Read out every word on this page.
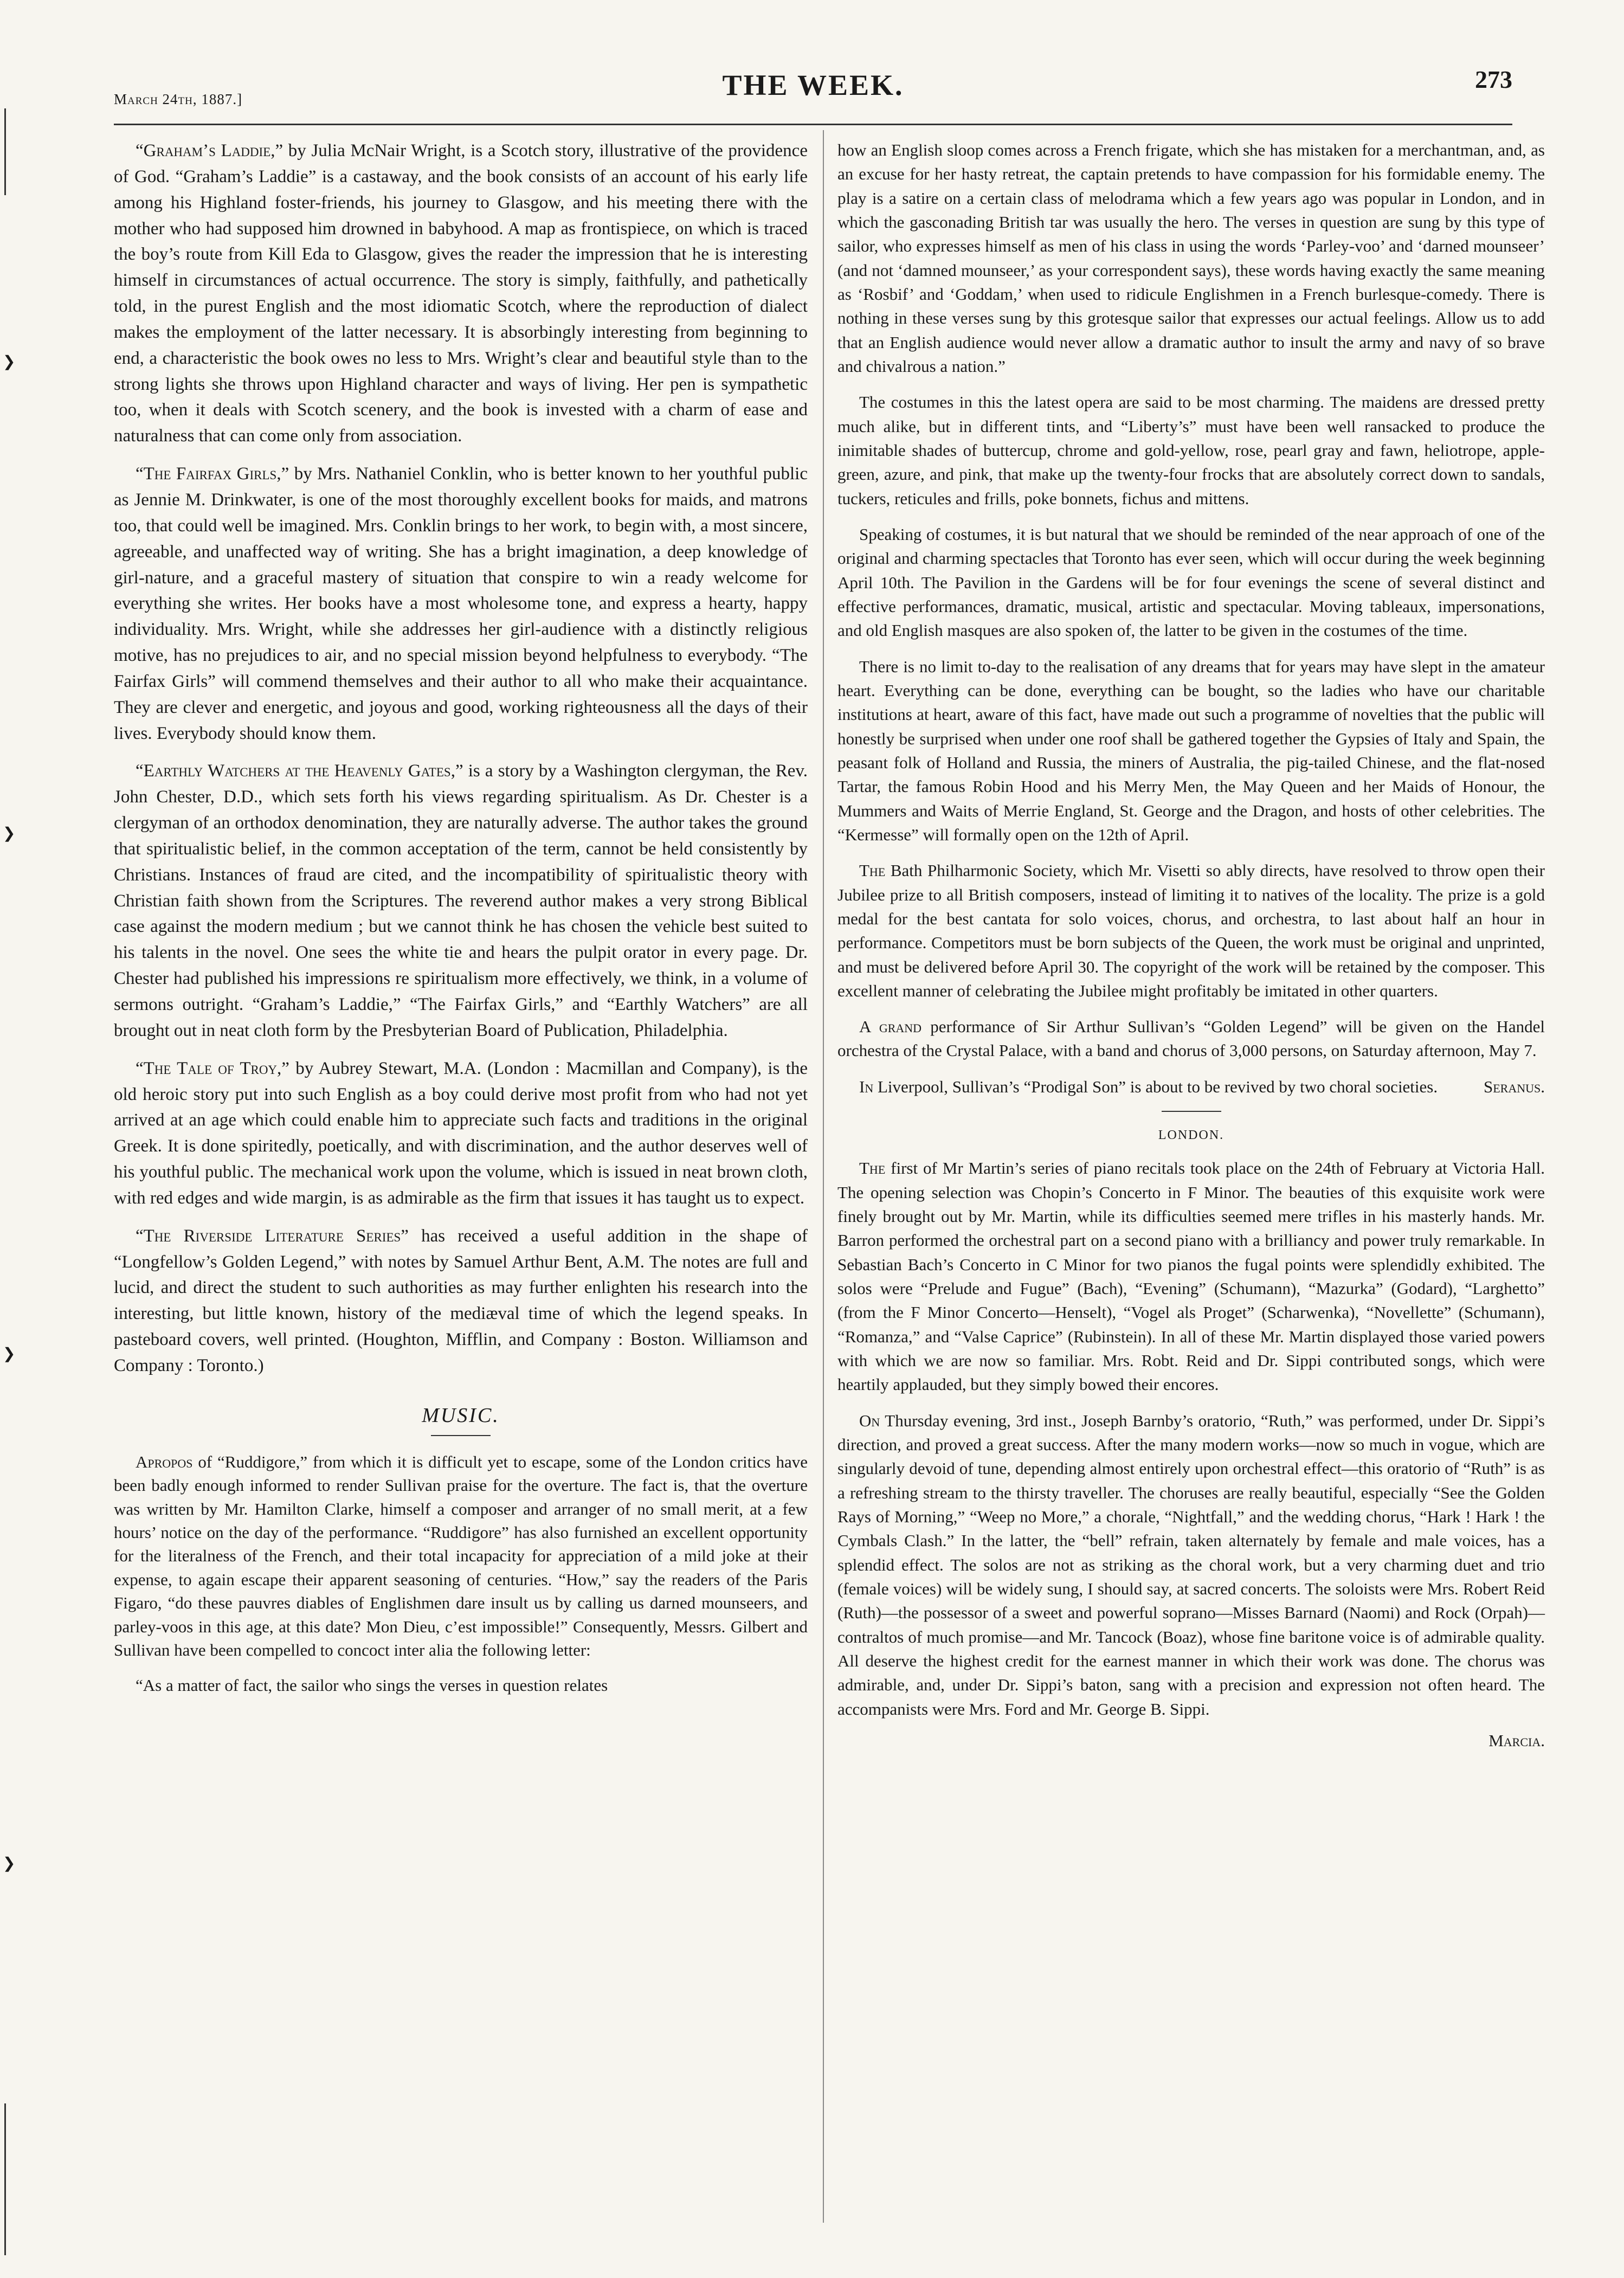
❯
❯
❯
❯
March 24th, 1887.]	THE WEEK.	273

“Graham’s Laddie,” by Julia McNair Wright, is a Scotch story, illustrative of the providence of God. “Graham’s Laddie” is a castaway, and the book consists of an account of his early life among his Highland foster-friends, his journey to Glasgow, and his meeting there with the mother who had supposed him drowned in babyhood. A map as frontispiece, on which is traced the boy’s route from Kill Eda to Glasgow, gives the reader the impression that he is interesting himself in circumstances of actual occurrence. The story is simply, faithfully, and pathetically told, in the purest English and the most idiomatic Scotch, where the reproduction of dialect makes the employment of the latter necessary. It is absorbingly interesting from beginning to end, a characteristic the book owes no less to Mrs. Wright’s clear and beautiful style than to the strong lights she throws upon Highland character and ways of living. Her pen is sympathetic too, when it deals with Scotch scenery, and the book is invested with a charm of ease and naturalness that can come only from association.

“The Fairfax Girls,” by Mrs. Nathaniel Conklin, who is better known to her youthful public as Jennie M. Drinkwater, is one of the most thoroughly excellent books for maids, and matrons too, that could well be imagined. Mrs. Conklin brings to her work, to begin with, a most sincere, agreeable, and unaffected way of writing. She has a bright imagination, a deep knowledge of girl-nature, and a graceful mastery of situation that conspire to win a ready welcome for everything she writes. Her books have a most wholesome tone, and express a hearty, happy individuality. Mrs. Wright, while she addresses her girl-audience with a distinctly religious motive, has no prejudices to air, and no special mission beyond helpfulness to everybody. “The Fairfax Girls” will commend themselves and their author to all who make their acquaintance. They are clever and energetic, and joyous and good, working righteousness all the days of their lives. Everybody should know them.

“Earthly Watchers at the Heavenly Gates,” is a story by a Washington clergyman, the Rev. John Chester, D.D., which sets forth his views regarding spiritualism. As Dr. Chester is a clergyman of an orthodox denomination, they are naturally adverse. The author takes the ground that spiritualistic belief, in the common acceptation of the term, cannot be held consistently by Christians. Instances of fraud are cited, and the incompatibility of spiritualistic theory with Christian faith shown from the Scriptures. The reverend author makes a very strong Biblical case against the modern medium ; but we cannot think he has chosen the vehicle best suited to his talents in the novel. One sees the white tie and hears the pulpit orator in every page. Dr. Chester had published his impressions re spiritualism more effectively, we think, in a volume of sermons outright. “Graham’s Laddie,” “The Fairfax Girls,” and “Earthly Watchers” are all brought out in neat cloth form by the Presbyterian Board of Publication, Philadelphia.

“The Tale of Troy,” by Aubrey Stewart, M.A. (London : Macmillan and Company), is the old heroic story put into such English as a boy could derive most profit from who had not yet arrived at an age which could enable him to appreciate such facts and traditions in the original Greek. It is done spiritedly, poetically, and with discrimination, and the author deserves well of his youthful public. The mechanical work upon the volume, which is issued in neat brown cloth, with red edges and wide margin, is as admirable as the firm that issues it has taught us to expect.

“The Riverside Literature Series” has received a useful addition in the shape of “Longfellow’s Golden Legend,” with notes by Samuel Arthur Bent, A.M. The notes are full and lucid, and direct the student to such authorities as may further enlighten his research into the interesting, but little known, history of the mediæval time of which the legend speaks. In pasteboard covers, well printed. (Houghton, Mifflin, and Company : Boston. Williamson and Company : Toronto.)

MUSIC.

Apropos of “Ruddigore,” from which it is difficult yet to escape, some of the London critics have been badly enough informed to render Sullivan praise for the overture. The fact is, that the overture was written by Mr. Hamilton Clarke, himself a composer and arranger of no small merit, at a few hours’ notice on the day of the performance. “Ruddigore” has also furnished an excellent opportunity for the literalness of the French, and their total incapacity for appreciation of a mild joke at their expense, to again escape their apparent seasoning of centuries. “How,” say the readers of the Paris Figaro, “do these pauvres diables of Englishmen dare insult us by calling us darned mounseers, and parley-voos in this age, at this date? Mon Dieu, c’est impossible!” Consequently, Messrs. Gilbert and Sullivan have been compelled to concoct inter alia the following letter:

“As a matter of fact, the sailor who sings the verses in question relates

how an English sloop comes across a French frigate, which she has mistaken for a merchantman, and, as an excuse for her hasty retreat, the captain pretends to have compassion for his formidable enemy. The play is a satire on a certain class of melodrama which a few years ago was popular in London, and in which the gasconading British tar was usually the hero. The verses in question are sung by this type of sailor, who expresses himself as men of his class in using the words ‘Parley-voo’ and ‘darned mounseer’ (and not ‘damned mounseer,’ as your correspondent says), these words having exactly the same meaning as ‘Rosbif’ and ‘Goddam,’ when used to ridicule Englishmen in a French burlesque-comedy. There is nothing in these verses sung by this grotesque sailor that expresses our actual feelings. Allow us to add that an English audience would never allow a dramatic author to insult the army and navy of so brave and chivalrous a nation.”

The costumes in this the latest opera are said to be most charming. The maidens are dressed pretty much alike, but in different tints, and “Liberty’s” must have been well ransacked to produce the inimitable shades of buttercup, chrome and gold-yellow, rose, pearl gray and fawn, heliotrope, apple-green, azure, and pink, that make up the twenty-four frocks that are absolutely correct down to sandals, tuckers, reticules and frills, poke bonnets, fichus and mittens.

Speaking of costumes, it is but natural that we should be reminded of the near approach of one of the original and charming spectacles that Toronto has ever seen, which will occur during the week beginning April 10th. The Pavilion in the Gardens will be for four evenings the scene of several distinct and effective performances, dramatic, musical, artistic and spectacular. Moving tableaux, impersonations, and old English masques are also spoken of, the latter to be given in the costumes of the time.

There is no limit to-day to the realisation of any dreams that for years may have slept in the amateur heart. Everything can be done, everything can be bought, so the ladies who have our charitable institutions at heart, aware of this fact, have made out such a programme of novelties that the public will honestly be surprised when under one roof shall be gathered together the Gypsies of Italy and Spain, the peasant folk of Holland and Russia, the miners of Australia, the pig-tailed Chinese, and the flat-nosed Tartar, the famous Robin Hood and his Merry Men, the May Queen and her Maids of Honour, the Mummers and Waits of Merrie England, St. George and the Dragon, and hosts of other celebrities. The “Kermesse” will formally open on the 12th of April.

The Bath Philharmonic Society, which Mr. Visetti so ably directs, have resolved to throw open their Jubilee prize to all British composers, instead of limiting it to natives of the locality. The prize is a gold medal for the best cantata for solo voices, chorus, and orchestra, to last about half an hour in performance. Competitors must be born subjects of the Queen, the work must be original and unprinted, and must be delivered before April 30. The copyright of the work will be retained by the composer. This excellent manner of celebrating the Jubilee might profitably be imitated in other quarters.

A grand performance of Sir Arthur Sullivan’s “Golden Legend” will be given on the Handel orchestra of the Crystal Palace, with a band and chorus of 3,000 persons, on Saturday afternoon, May 7.

In Liverpool, Sullivan’s “Prodigal Son” is about to be revived by two choral societies.	Seranus.

LONDON.

The first of Mr Martin’s series of piano recitals took place on the 24th of February at Victoria Hall. The opening selection was Chopin’s Concerto in F Minor. The beauties of this exquisite work were finely brought out by Mr. Martin, while its difficulties seemed mere trifles in his masterly hands. Mr. Barron performed the orchestral part on a second piano with a brilliancy and power truly remarkable. In Sebastian Bach’s Concerto in C Minor for two pianos the fugal points were splendidly exhibited. The solos were “Prelude and Fugue” (Bach), “Evening” (Schumann), “Mazurka” (Godard), “Larghetto” (from the F Minor Concerto—Henselt), “Vogel als Proget” (Scharwenka), “Novellette” (Schumann), “Romanza,” and “Valse Caprice” (Rubinstein). In all of these Mr. Martin displayed those varied powers with which we are now so familiar. Mrs. Robt. Reid and Dr. Sippi contributed songs, which were heartily applauded, but they simply bowed their encores.

On Thursday evening, 3rd inst., Joseph Barnby’s oratorio, “Ruth,” was performed, under Dr. Sippi’s direction, and proved a great success. After the many modern works—now so much in vogue, which are singularly devoid of tune, depending almost entirely upon orchestral effect—this oratorio of “Ruth” is as a refreshing stream to the thirsty traveller. The choruses are really beautiful, especially “See the Golden Rays of Morning,” “Weep no More,” a chorale, “Nightfall,” and the wedding chorus, “Hark ! Hark ! the Cymbals Clash.” In the latter, the “bell” refrain, taken alternately by female and male voices, has a splendid effect. The solos are not as striking as the choral work, but a very charming duet and trio (female voices) will be widely sung, I should say, at sacred concerts. The soloists were Mrs. Robert Reid (Ruth)—the possessor of a sweet and powerful soprano—Misses Barnard (Naomi) and Rock (Orpah)—contraltos of much promise—and Mr. Tancock (Boaz), whose fine baritone voice is of admirable quality. All deserve the highest credit for the earnest manner in which their work was done. The chorus was admirable, and, under Dr. Sippi’s baton, sang with a precision and expression not often heard. The accompanists were Mrs. Ford and Mr. George B. Sippi.

Marcia.
